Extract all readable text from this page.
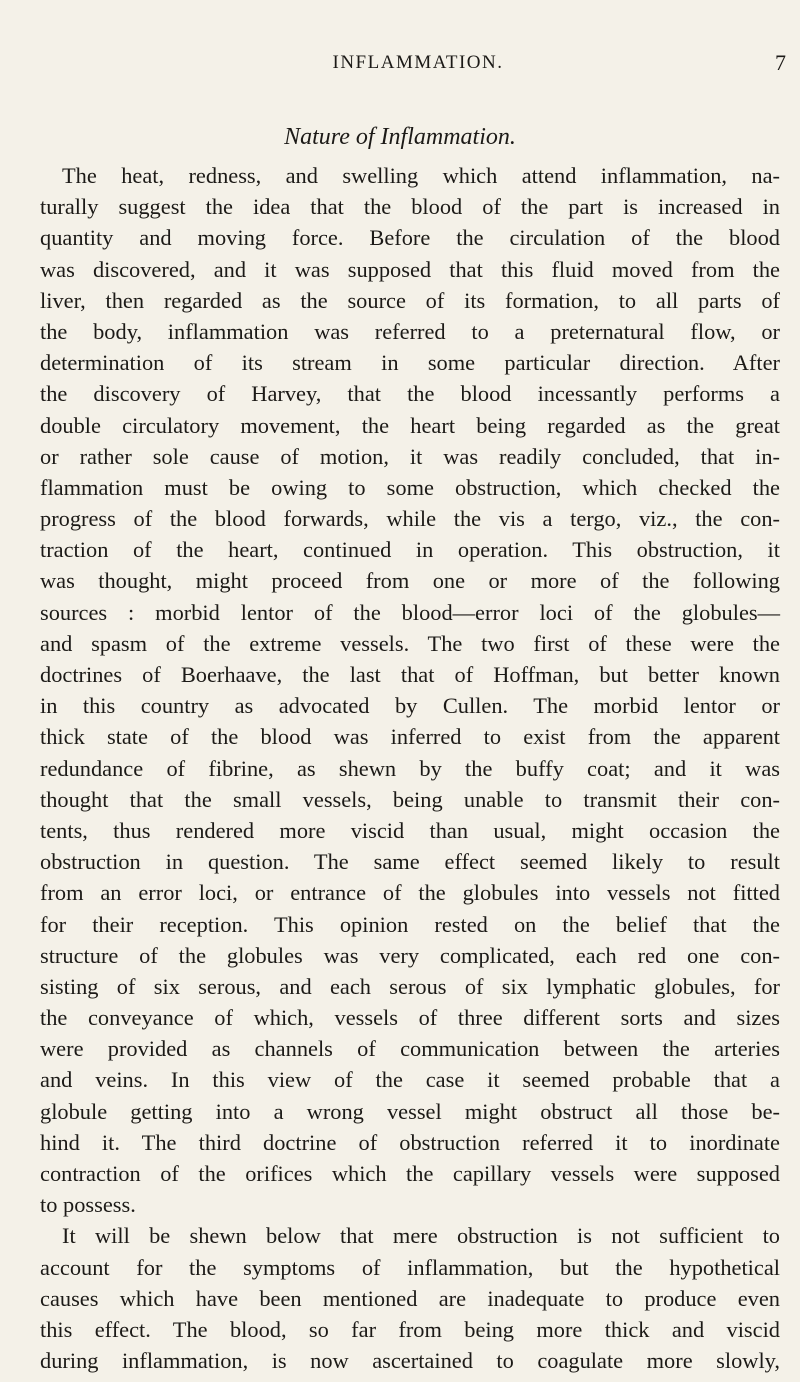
INFLAMMATION.	7
Nature of Inflammation.
The heat, redness, and swelling which attend inflammation, na-
turally suggest the idea that the blood of the part is increased in
quantity and moving force. Before the circulation of the blood
was discovered, and it was supposed that this fluid moved from the
liver, then regarded as the source of its formation, to all parts of
the body, inflammation was referred to a preternatural flow, or
determination of its stream in some particular direction. After
the discovery of Harvey, that the blood incessantly performs a
double circulatory movement, the heart being regarded as the great
or rather sole cause of motion, it was readily concluded, that in-
flammation must be owing to some obstruction, which checked the
progress of the blood forwards, while the vis a tergo, viz., the con-
traction of the heart, continued in operation. This obstruction, it
was thought, might proceed from one or more of the following
sources : morbid lentor of the blood—error loci of the globules—
and spasm of the extreme vessels. The two first of these were the
doctrines of Boerhaave, the last that of Hoffman, but better known
in this country as advocated by Cullen. The morbid lentor or
thick state of the blood was inferred to exist from the apparent
redundance of fibrine, as shewn by the buffy coat; and it was
thought that the small vessels, being unable to transmit their con-
tents, thus rendered more viscid than usual, might occasion the
obstruction in question. The same effect seemed likely to result
from an error loci, or entrance of the globules into vessels not fitted
for their reception. This opinion rested on the belief that the
structure of the globules was very complicated, each red one con-
sisting of six serous, and each serous of six lymphatic globules, for
the conveyance of which, vessels of three different sorts and sizes
were provided as channels of communication between the arteries
and veins. In this view of the case it seemed probable that a
globule getting into a wrong vessel might obstruct all those be-
hind it. The third doctrine of obstruction referred it to inordinate
contraction of the orifices which the capillary vessels were supposed
to possess.
It will be shewn below that mere obstruction is not sufficient to
account for the symptoms of inflammation, but the hypothetical
causes which have been mentioned are inadequate to produce even
this effect. The blood, so far from being more thick and viscid
during inflammation, is now ascertained to coagulate more slowly,
